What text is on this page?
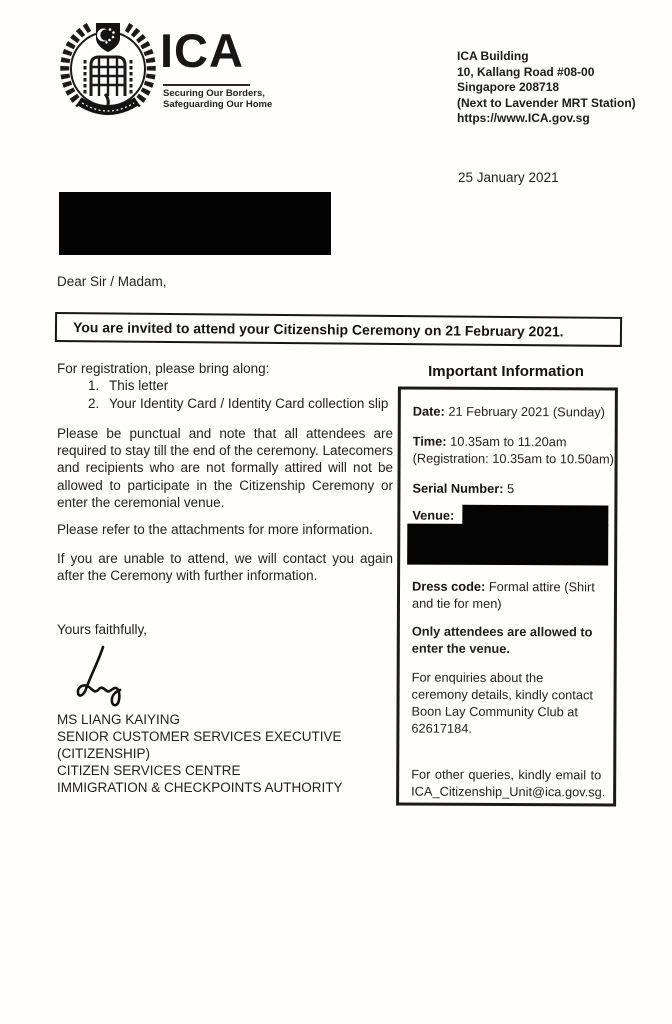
ICA
Securing Our Borders,
Safeguarding Our Home
ICA Building
10, Kallang Road #08-00
Singapore 208718
(Next to Lavender MRT Station)
https://www.ICA.gov.sg
25 January 2021
Dear Sir / Madam,
You are invited to attend your Citizenship Ceremony on 21 February 2021.

For registration, please bring along:

1. This letter
2. Your Identity Card / Identity Card collection slip

Please be punctual and note that all attendees are required to stay till the end of the ceremony. Latecomers and recipients who are not formally attired will not be allowed to participate in the Citizenship Ceremony or enter the ceremonial venue.

Please refer to the attachments for more information.

If you are unable to attend, we will contact you again after the Ceremony with further information.

Yours faithfully,

MS LIANG KAIYING
SENIOR CUSTOMER SERVICES EXECUTIVE
(CITIZENSHIP)
CITIZEN SERVICES CENTRE
IMMIGRATION & CHECKPOINTS AUTHORITY
Important Information
Date: 21 February 2021 (Sunday)
Time: 10.35am to 11.20am
(Registration: 10.35am to 10.50am)
Serial Number: 5
Venue:
Dress code: Formal attire (Shirt and tie for men)
Only attendees are allowed to enter the venue.
For enquiries about the ceremony details, kindly contact Boon Lay Community Club at 62617184.
For other queries, kindly email to ICA_Citizenship_Unit@ica.gov.sg.
